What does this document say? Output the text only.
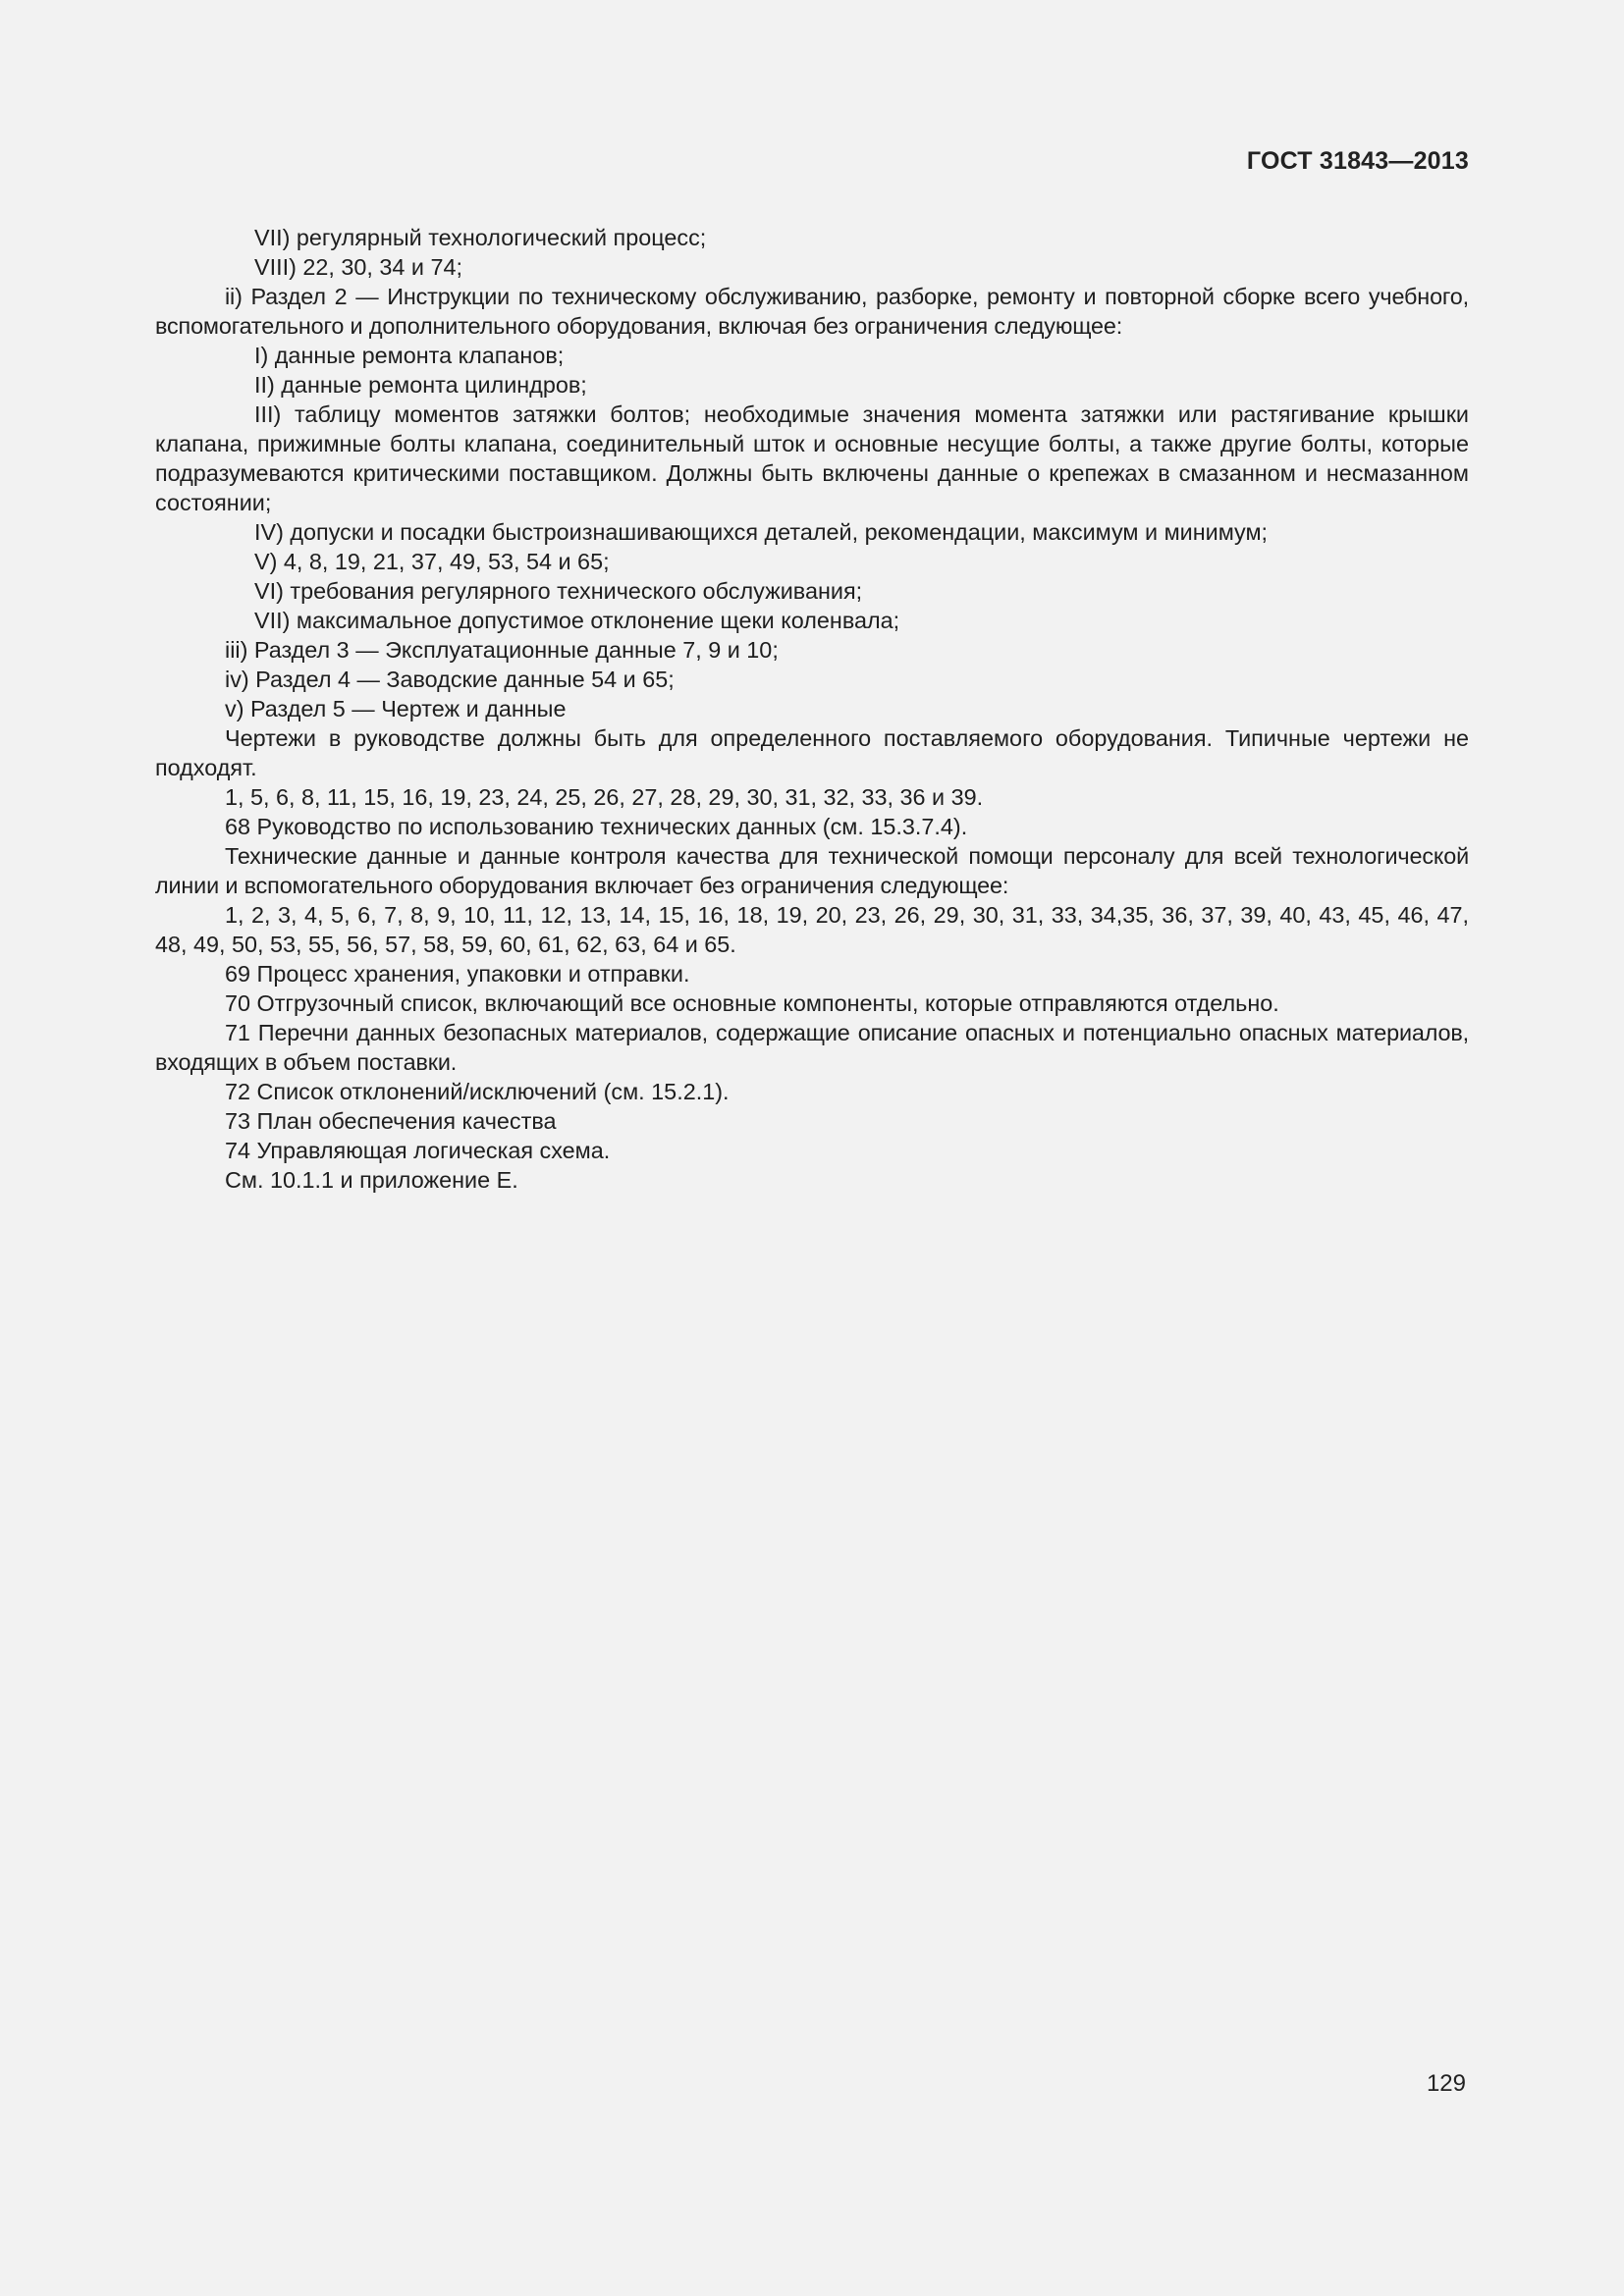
ГОСТ 31843—2013

VII) регулярный технологический процесс;

VIII) 22, 30, 34 и 74;

ii) Раздел 2 — Инструкции по техническому обслуживанию, разборке, ремонту и повторной сборке всего учебного, вспомогательного и дополнительного оборудования, включая без ограничения следующее:

I) данные ремонта клапанов;

II) данные ремонта цилиндров;

III) таблицу моментов затяжки болтов; необходимые значения момента затяжки или растягивание крышки клапана, прижимные болты клапана, соединительный шток и основные несущие болты, а также другие болты, которые подразумеваются критическими поставщиком. Должны быть включены данные о крепежах в смазанном и несмазанном состоянии;

IV) допуски и посадки быстроизнашивающихся деталей, рекомендации, максимум и минимум;

V) 4, 8, 19, 21, 37, 49, 53, 54 и 65;

VI) требования регулярного технического обслуживания;

VII) максимальное допустимое отклонение щеки коленвала;

iii) Раздел 3 — Эксплуатационные данные 7, 9 и 10;

iv) Раздел 4 — Заводские данные 54 и 65;

v) Раздел 5 — Чертеж и данные

Чертежи в руководстве должны быть для определенного поставляемого оборудования. Типичные чертежи не подходят.

1, 5, 6, 8, 11, 15, 16, 19, 23, 24, 25, 26, 27, 28, 29, 30, 31, 32, 33, 36 и 39.

68 Руководство по использованию технических данных (см. 15.3.7.4).

Технические данные и данные контроля качества для технической помощи персоналу для всей технологической линии и вспомогательного оборудования включает без ограничения следующее:

1, 2, 3, 4, 5, 6, 7, 8, 9, 10, 11, 12, 13, 14, 15, 16, 18, 19, 20, 23, 26, 29, 30, 31, 33, 34,35, 36, 37, 39, 40, 43, 45, 46, 47, 48, 49, 50, 53, 55, 56, 57, 58, 59, 60, 61, 62, 63, 64 и 65.

69 Процесс хранения, упаковки и отправки.

70 Отгрузочный список, включающий все основные компоненты, которые отправляются отдельно.

71 Перечни данных безопасных материалов, содержащие описание опасных и потенциально опасных материалов, входящих в объем поставки.

72 Список отклонений/исключений (см. 15.2.1).

73 План обеспечения качества

74 Управляющая логическая схема.

См. 10.1.1 и приложение Е.

129
